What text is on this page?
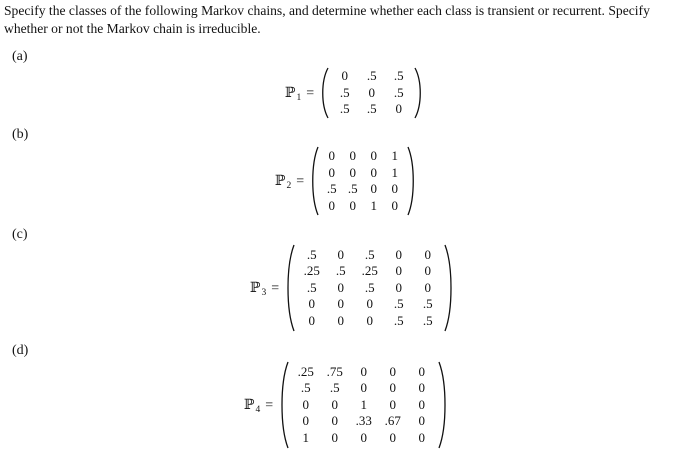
Specify the classes of the following Markov chains, and determine whether each class is transient or recurrent. Specify whether or not the Markov chain is irreducible.
(a)
ℙ 1 =
0	.5	.5
.5	0	.5
.5	.5	0
(b)
ℙ 2 =
0	0	0	1
0	0	0	1
.5	.5	0	0
0	0	1	0
(c)
ℙ 3 =
.5	0	.5	0	0
.25	.5	.25	0	0
.5	0	.5	0	0
0	0	0	.5	.5
0	0	0	.5	.5
(d)
ℙ 4 =
.25	.75	0	0	0
.5	.5	0	0	0
0	0	1	0	0
0	0	.33	.67	0
1	0	0	0	0
